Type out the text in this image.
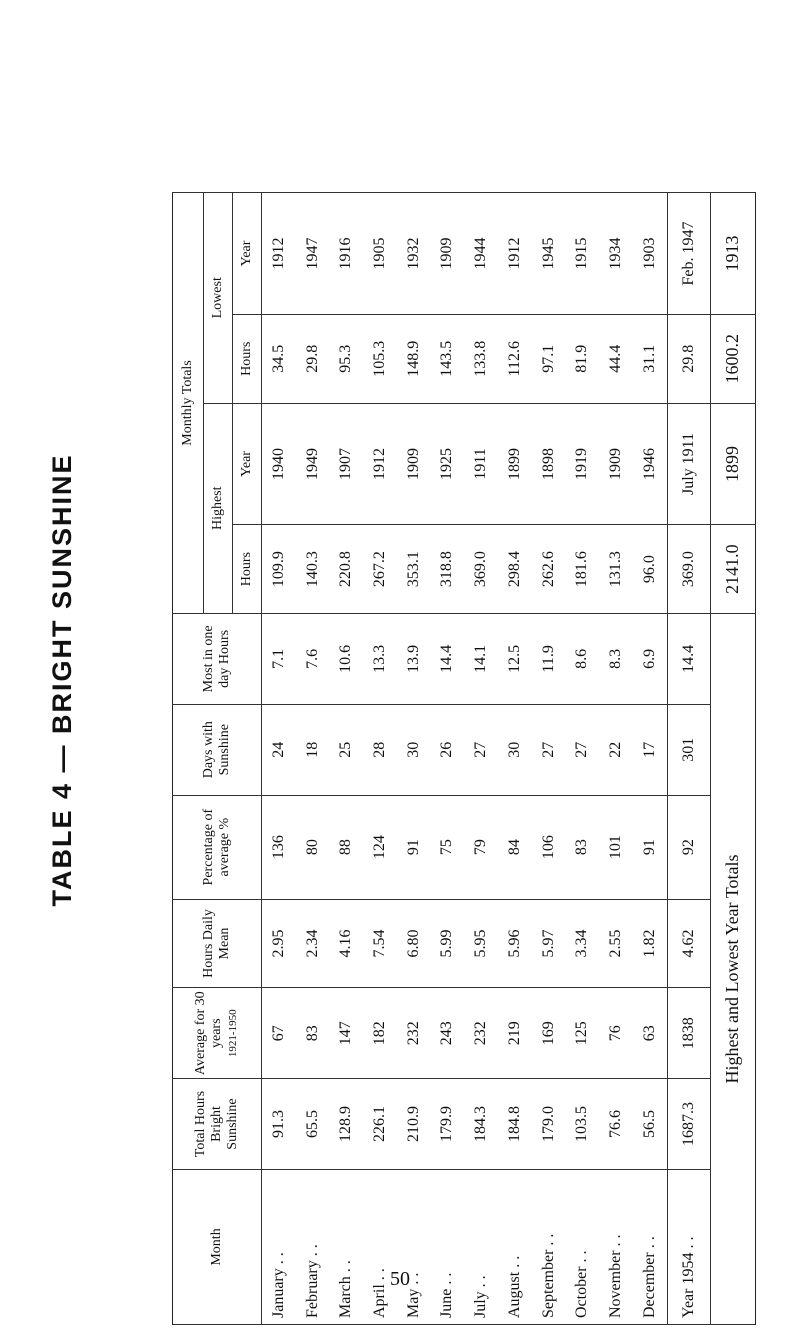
TABLE 4 — BRIGHT SUNSHINE
Month	Total Hours Bright Sunshine	Average for 30 years 1921-1950	Hours Daily Mean	Percentage of average %	Days with Sunshine	Most in one day Hours	Monthly Totals			
							Highest		Lowest	
							Hours	Year	Hours	Year
January . .	91.3	67	2.95	136	24	7.1	109.9	1940	34.5	1912
February . .	65.5	83	2.34	80	18	7.6	140.3	1949	29.8	1947
March . .	128.9	147	4.16	88	25	10.6	220.8	1907	95.3	1916
April . .	226.1	182	7.54	124	28	13.3	267.2	1912	105.3	1905
May . .	210.9	232	6.80	91	30	13.9	353.1	1909	148.9	1932
June . .	179.9	243	5.99	75	26	14.4	318.8	1925	143.5	1909
July . .	184.3	232	5.95	79	27	14.1	369.0	1911	133.8	1944
August . .	184.8	219	5.96	84	30	12.5	298.4	1899	112.6	1912
September . .	179.0	169	5.97	106	27	11.9	262.6	1898	97.1	1945
October . .	103.5	125	3.34	83	27	8.6	181.6	1919	81.9	1915
November . .	76.6	76	2.55	101	22	8.3	131.3	1909	44.4	1934
December . .	56.5	63	1.82	91	17	6.9	96.0	1946	31.1	1903
Year 1954 . .	1687.3	1838	4.62	92	301	14.4	369.0	July 1911	29.8	Feb. 1947
Highest and Lowest Year Totals							2141.0	1899	1600.2	1913
50
